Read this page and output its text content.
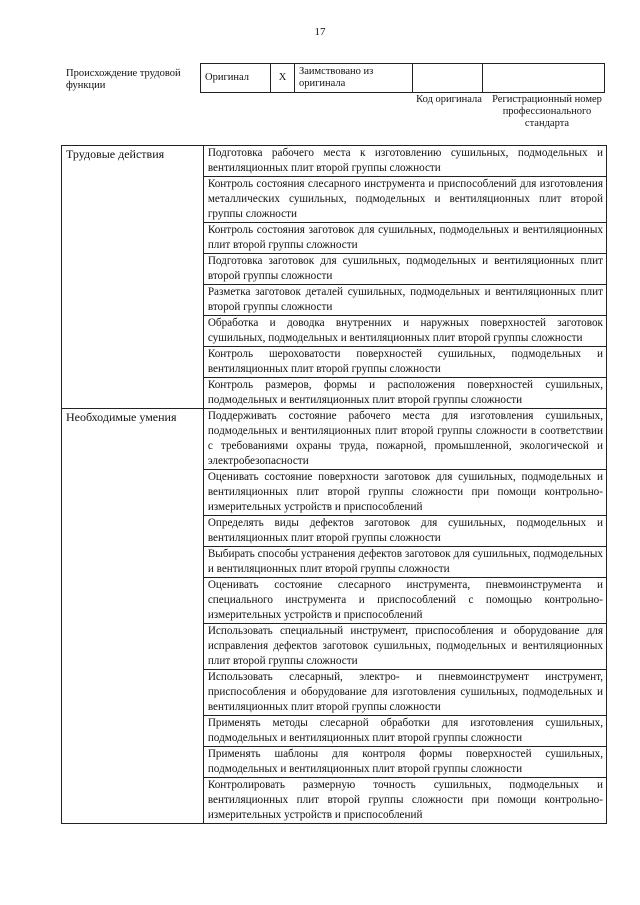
17
Происхождение трудовой функции
Оригинал	X	Заимствовано из оригинала		
Код оригинала Регистрационный номер профессионального стандарта
Трудовые действия	Подготовка рабочего места к изготовлению сушильных, подмодельных и вентиляционных плит второй группы сложности
	Контроль состояния слесарного инструмента и приспособлений для изготовления металлических сушильных, подмодельных и вентиляционных плит второй группы сложности
	Контроль состояния заготовок для сушильных, подмодельных и вентиляционных плит второй группы сложности
	Подготовка заготовок для сушильных, подмодельных и вентиляционных плит второй группы сложности
	Разметка заготовок деталей сушильных, подмодельных и вентиляционных плит второй группы сложности
	Обработка и доводка внутренних и наружных поверхностей заготовок сушильных, подмодельных и вентиляционных плит второй группы сложности
	Контроль шероховатости поверхностей сушильных, подмодельных и вентиляционных плит второй группы сложности
	Контроль размеров, формы и расположения поверхностей сушильных, подмодельных и вентиляционных плит второй группы сложности
Необходимые умения	Поддерживать состояние рабочего места для изготовления сушильных, подмодельных и вентиляционных плит второй группы сложности в соответствии с требованиями охраны труда, пожарной, промышленной, экологической и электробезопасности
	Оценивать состояние поверхности заготовок для сушильных, подмодельных и вентиляционных плит второй группы сложности при помощи контрольно-измерительных устройств и приспособлений
	Определять виды дефектов заготовок для сушильных, подмодельных и вентиляционных плит второй группы сложности
	Выбирать способы устранения дефектов заготовок для сушильных, подмодельных и вентиляционных плит второй группы сложности
	Оценивать состояние слесарного инструмента, пневмоинструмента и специального инструмента и приспособлений с помощью контрольно-измерительных устройств и приспособлений
	Использовать специальный инструмент, приспособления и оборудование для исправления дефектов заготовок сушильных, подмодельных и вентиляционных плит второй группы сложности
	Использовать слесарный, электро- и пневмоинструмент инструмент, приспособления и оборудование для изготовления сушильных, подмодельных и вентиляционных плит второй группы сложности
	Применять методы слесарной обработки для изготовления сушильных, подмодельных и вентиляционных плит второй группы сложности
	Применять шаблоны для контроля формы поверхностей сушильных, подмодельных и вентиляционных плит второй группы сложности
	Контролировать размерную точность сушильных, подмодельных и вентиляционных плит второй группы сложности при помощи контрольно-измерительных устройств и приспособлений
